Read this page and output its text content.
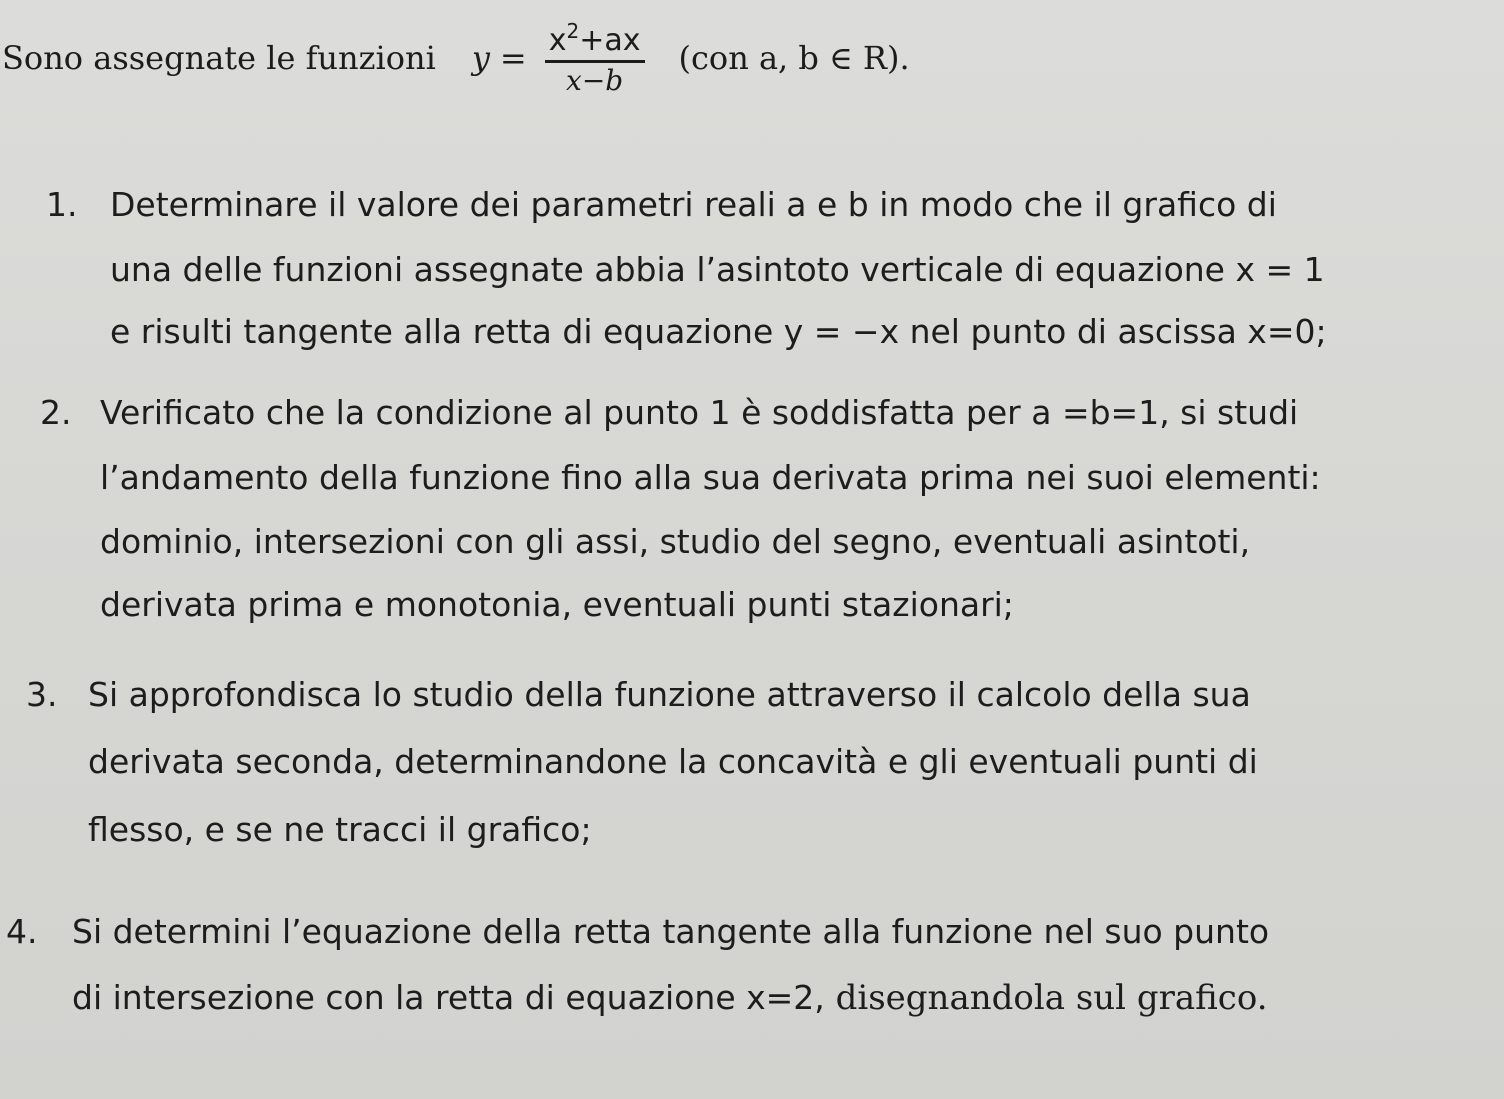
Sono assegnate le funzioni $y = \frac{x^2+ax}{x-b} (con$ a, b ∈ R).
1. Determinare il valore dei parametri reali a e b in modo che il grafico di
una delle funzioni assegnate abbia l’asintoto verticale di equazione x = 1
e risulti tangente alla retta di equazione y = −x nel punto di ascissa x=0;
2. Verificato che la condizione al punto 1 è soddisfatta per a =b=1, si studi
l’andamento della funzione fino alla sua derivata prima nei suoi elementi:
dominio, intersezioni con gli assi, studio del segno, eventuali asintoti,
derivata prima e monotonia, eventuali punti stazionari;
3. Si approfondisca lo studio della funzione attraverso il calcolo della sua
derivata seconda, determinandone la concavità e gli eventuali punti di
flesso, e se ne tracci il grafico;
4. Si determini l’equazione della retta tangente alla funzione nel suo punto
di intersezione con la retta di equazione x=2, disegnandola sul grafico.
